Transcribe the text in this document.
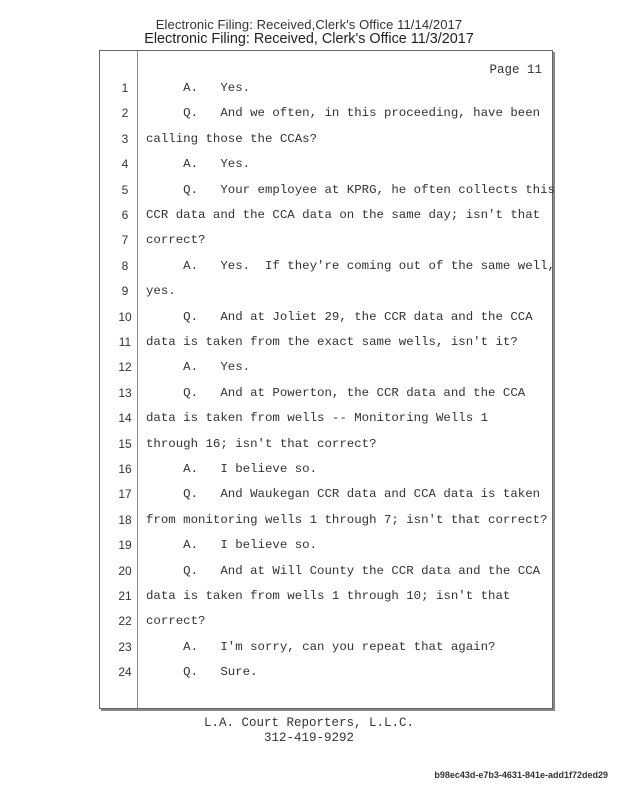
Electronic Filing: Received,Clerk's Office 11/14/2017
Electronic Filing: Received, Clerk's Office 11/3/2017
Page 11
1	A.   Yes.
2	Q.   And we often, in this proceeding, have been
3	calling those the CCAs?
4	A.   Yes.
5	Q.   Your employee at KPRG, he often collects this
6	CCR data and the CCA data on the same day; isn't that
7	correct?
8	A.   Yes.  If they're coming out of the same well,
9	yes.
10	Q.   And at Joliet 29, the CCR data and the CCA
11	data is taken from the exact same wells, isn't it?
12	A.   Yes.
13	Q.   And at Powerton, the CCR data and the CCA
14	data is taken from wells -- Monitoring Wells 1
15	through 16; isn't that correct?
16	A.   I believe so.
17	Q.   And Waukegan CCR data and CCA data is taken
18	from monitoring wells 1 through 7; isn't that correct?
19	A.   I believe so.
20	Q.   And at Will County the CCR data and the CCA
21	data is taken from wells 1 through 10; isn't that
22	correct?
23	A.   I'm sorry, can you repeat that again?
24	Q.   Sure.
L.A. Court Reporters, L.L.C.
312-419-9292
b98ec43d-e7b3-4631-841e-add1f72ded29
